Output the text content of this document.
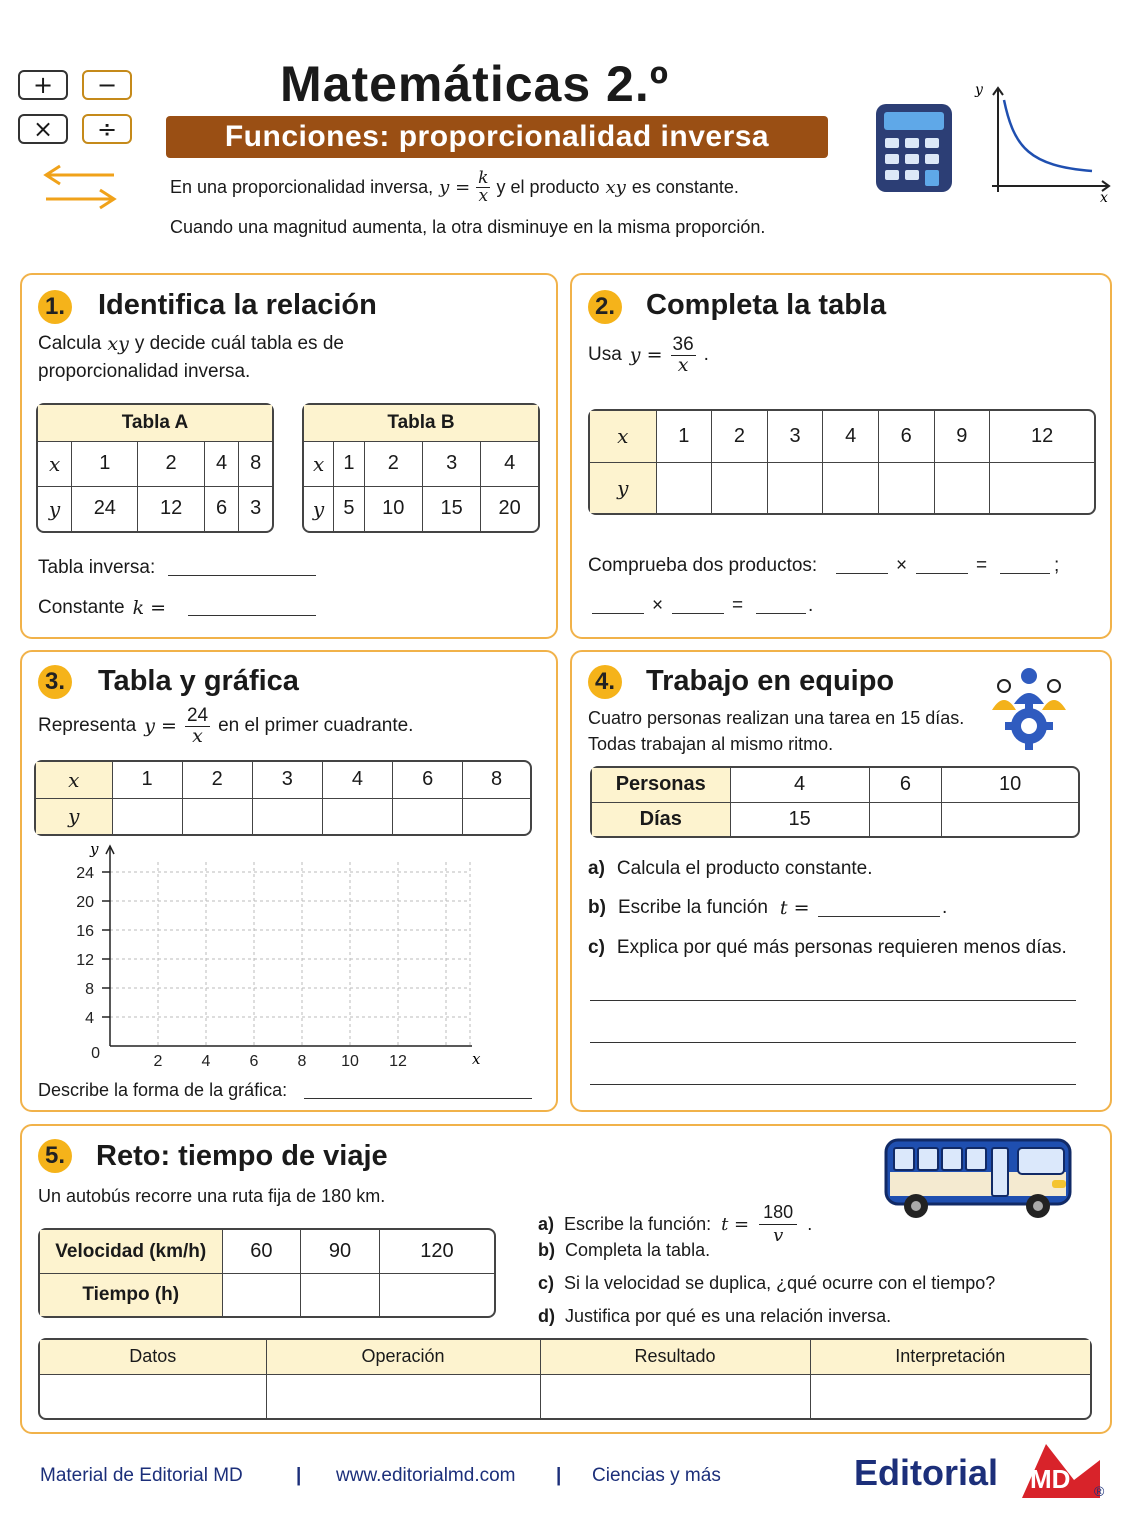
+	−
×	÷
Matemáticas 2.º
Funciones: proporcionalidad inversa
En una proporcionalidad inversa, $y = \frac{k}{x}$ y el producto xy es constante.
Cuando una magnitud aumenta, la otra disminuye en la misma proporción.
y
x
1. Identifica la relación
Calcula xy y decide cuál tabla es de
proporcionalidad inversa.
Tabla A				
x	1	2	4	8
y	24	12	6	3
Tabla B				
x	1	2	3	4
y	5	10	15	20
Tabla inversa:
Constante k =
2. Completa la tabla
Usa $y = \frac{36}{x}$ .
x	1	2	3	4	6	9	12
y							
Comprueba dos productos:	×	=	;
×	=	.
3. Tabla y gráfica
Representa $y = \frac{24}{x}$ en el primer cuadrante.
x	1	2	3	4	6	8
y						
24
20
16
12
8
4
0	2 4 6 8 10 12
y
x
Describe la forma de la gráfica:
4. Trabajo en equipo
Cuatro personas realizan una tarea en 15 días.
Todas trabajan al mismo ritmo.
Personas	4	6	10
Días	15		
a) Calcula el producto constante.
b) Escribe la función t =	.
c) Explica por qué más personas requieren menos días.
5. Reto: tiempo de viaje
Un autobús recorre una ruta fija de 180 km.
Velocidad (km/h)	60	90	120
Tiempo (h)			
a) Escribe la función: $t = \frac{180}{v}$ .
b) Completa la tabla.
c) Si la velocidad se duplica, ¿qué ocurre con el tiempo?
d) Justifica por qué es una relación inversa.
Datos	Operación	Resultado	Interpretación

Material de Editorial MD	| www.editorialmd.com | Ciencias y más	Editorial MD ®
